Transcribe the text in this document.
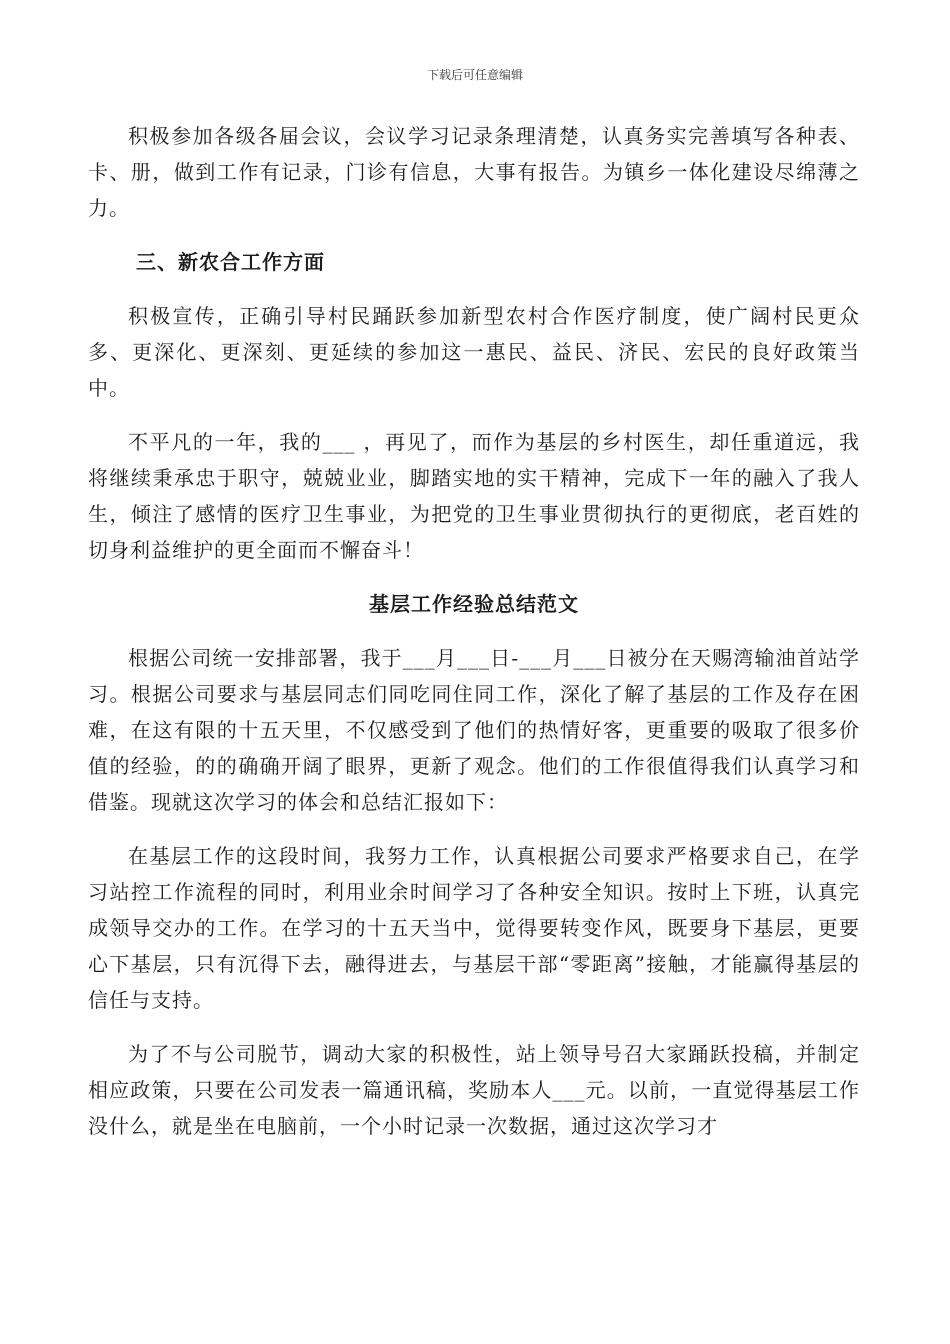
下载后可任意编辑

积极参加各级各届会议，会议学习记录条理清楚，认真务实完善填写各种表、卡、册，做到工作有记录，门诊有信息，大事有报告。为镇乡一体化建设尽绵薄之力。

三、新农合工作方面

积极宣传，正确引导村民踊跃参加新型农村合作医疗制度，使广阔村民更众多、更深化、更深刻、更延续的参加这一惠民、益民、济民、宏民的良好政策当中。

不平凡的一年，我的___ ，再见了，而作为基层的乡村医生，却任重道远，我将继续秉承忠于职守，兢兢业业，脚踏实地的实干精神，完成下一年的融入了我人生，倾注了感情的医疗卫生事业，为把党的卫生事业贯彻执行的更彻底，老百姓的切身利益维护的更全面而不懈奋斗！

基层工作经验总结范文

根据公司统一安排部署，我于___月___日-___月___日被分在天赐湾输油首站学习。根据公司要求与基层同志们同吃同住同工作，深化了解了基层的工作及存在困难，在这有限的十五天里，不仅感受到了他们的热情好客，更重要的吸取了很多价值的经验，的的确确开阔了眼界，更新了观念。他们的工作很值得我们认真学习和借鉴。现就这次学习的体会和总结汇报如下：

在基层工作的这段时间，我努力工作，认真根据公司要求严格要求自己，在学习站控工作流程的同时，利用业余时间学习了各种安全知识。按时上下班，认真完成领导交办的工作。在学习的十五天当中，觉得要转变作风，既要身下基层，更要心下基层，只有沉得下去，融得进去，与基层干部“零距离”接触，才能赢得基层的信任与支持。

为了不与公司脱节，调动大家的积极性，站上领导号召大家踊跃投稿，并制定相应政策，只要在公司发表一篇通讯稿，奖励本人___元。以前，一直觉得基层工作没什么，就是坐在电脑前，一个小时记录一次数据，通过这次学习才
